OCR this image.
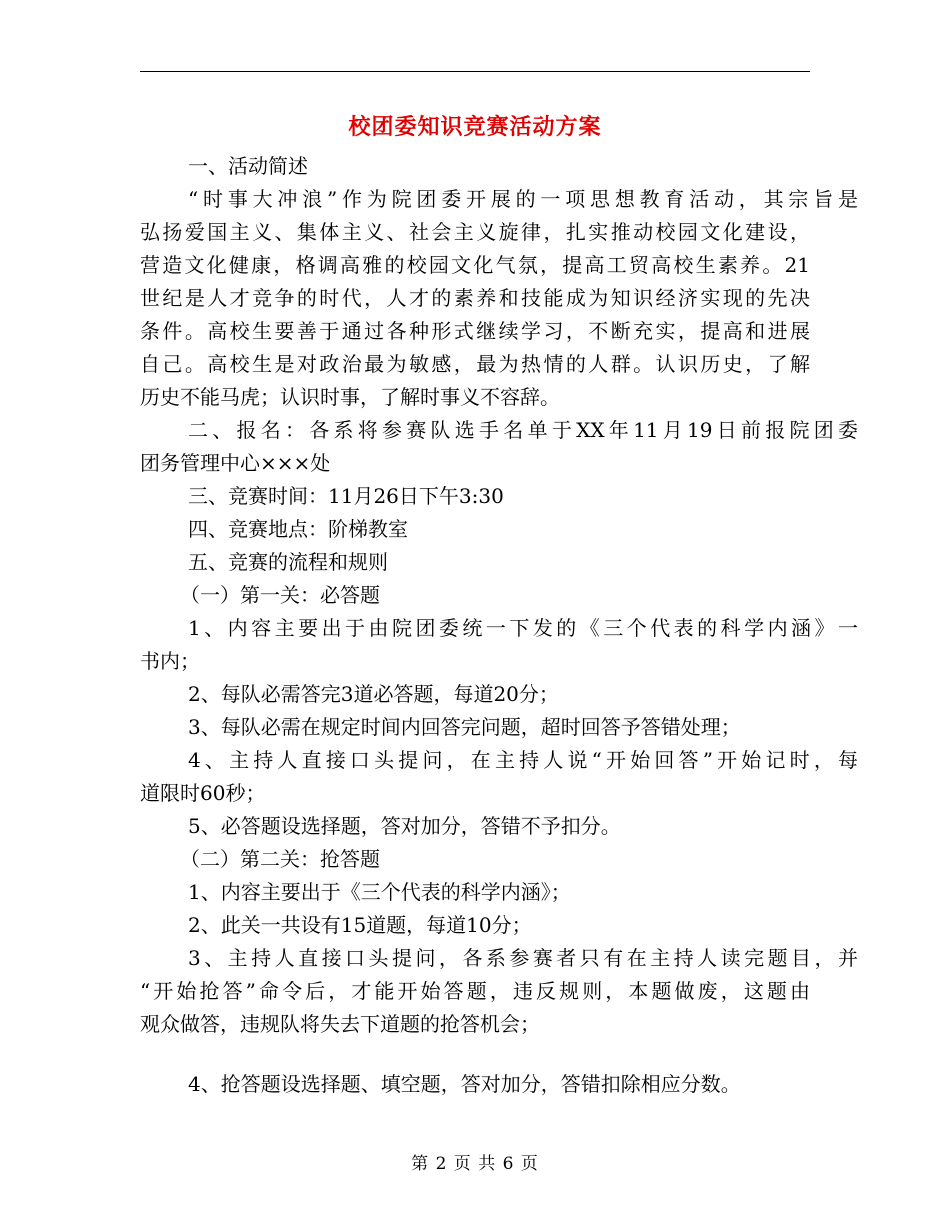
校团委知识竞赛活动方案

一、活动简述

“时事大冲浪”作为院团委开展的一项思想教育活动，其宗旨是

弘扬爱国主义、集体主义、社会主义旋律，扎实推动校园文化建设，

营造文化健康，格调高雅的校园文化气氛，提高工贸高校生素养。21

世纪是人才竞争的时代，人才的素养和技能成为知识经济实现的先决

条件。高校生要善于通过各种形式继续学习，不断充实，提高和进展

自己。高校生是对政治最为敏感，最为热情的人群。认识历史，了解

历史不能马虎；认识时事，了解时事义不容辞。

二、报名：各系将参赛队选手名单于XX年11月19日前报院团委

团务管理中心×××处

三、竞赛时间：11月26日下午3:30

四、竞赛地点：阶梯教室

五、竞赛的流程和规则

（一）第一关：必答题

1、内容主要出于由院团委统一下发的《三个代表的科学内涵》一

书内；

2、每队必需答完3道必答题，每道20分；

3、每队必需在规定时间内回答完问题，超时回答予答错处理；

4、主持人直接口头提问，在主持人说“开始回答”开始记时，每

道限时60秒；

5、必答题设选择题，答对加分，答错不予扣分。

（二）第二关：抢答题

1、内容主要出于《三个代表的科学内涵》；

2、此关一共设有15道题，每道10分；

3、主持人直接口头提问，各系参赛者只有在主持人读完题目，并

“开始抢答”命令后，才能开始答题，违反规则，本题做废，这题由

观众做答，违规队将失去下道题的抢答机会；

4、抢答题设选择题、填空题，答对加分，答错扣除相应分数。

第 2 页 共 6 页
